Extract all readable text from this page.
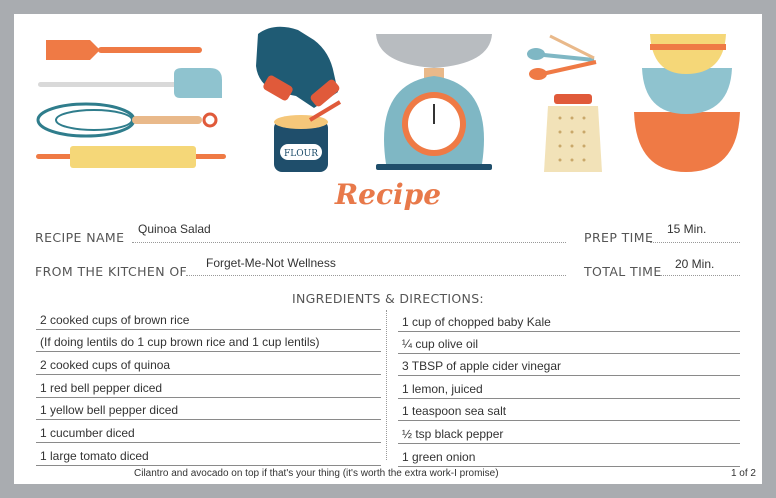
FLOUR
Recipe
RECIPE NAME
Quinoa Salad
PREP TIME
15 Min.
FROM THE KITCHEN OF
Forget-Me-Not Wellness
TOTAL TIME 20 Min.
INGREDIENTS & DIRECTIONS:
2 cooked cups of brown rice
(If doing lentils do 1 cup brown rice and 1 cup lentils)
2 cooked cups of quinoa
1 red bell pepper diced
1 yellow bell pepper diced
1 cucumber diced
1 large tomato diced
1 cup of chopped baby Kale
¼ cup olive oil
3 TBSP of apple cider vinegar
1 lemon, juiced
1 teaspoon sea salt
½ tsp black pepper
1 green onion
Cilantro and avocado on top if that's your thing (it's worth the extra work-I promise)	1 of 2
